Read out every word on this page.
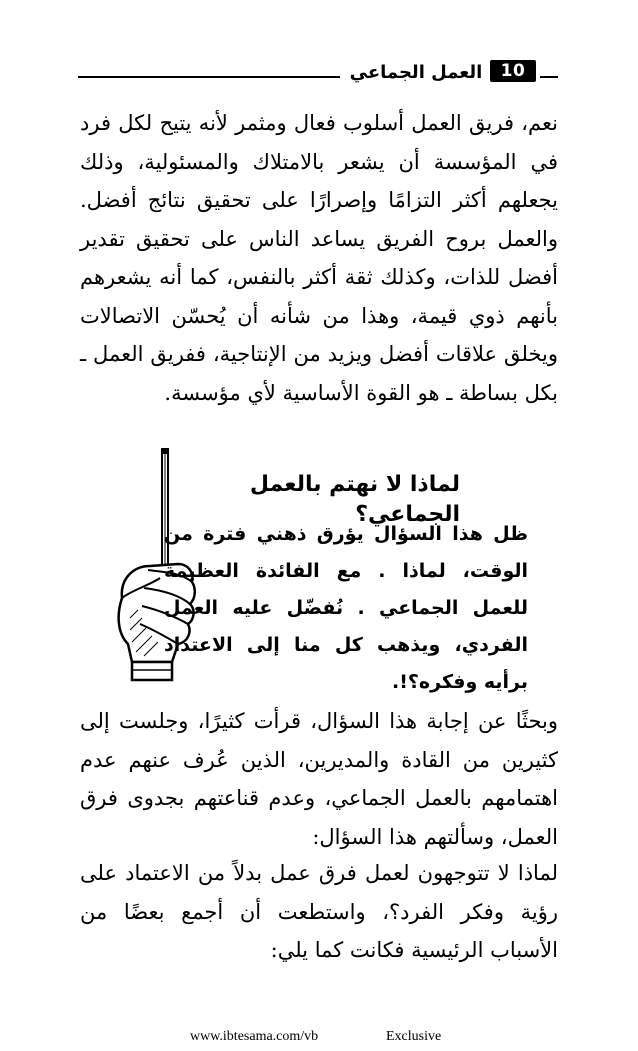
العمل الجماعي	10

نعم، فريق العمل أسلوب فعال ومثمر لأنه يتيح لكل فرد في المؤسسة أن يشعر بالامتلاك والمسئولية، وذلك يجعلهم أكثر التزامًا وإصرارًا على تحقيق نتائج أفضل. والعمل بروح الفريق يساعد الناس على تحقيق تقدير أفضل للذات، وكذلك ثقة أكثر بالنفس، كما أنه يشعرهم بأنهم ذوي قيمة، وهذا من شأنه أن يُحسّن الاتصالات ويخلق علاقات أفضل ويزيد من الإنتاجية، ففريق العمل ـ بكل بساطة ـ هو القوة الأساسية لأي مؤسسة.

لماذا لا نهتم بالعمل الجماعي؟

ظل هذا السؤال يؤرق ذهني فترة من الوقت، لماذا . مع الفائدة العظيمة للعمل الجماعي . نُفضّل عليه العمل الفردي، ويذهب كل منا إلى الاعتداد برأيه وفكره؟!.

وبحثًا عن إجابة هذا السؤال، قرأت كثيرًا، وجلست إلى كثيرين من القادة والمديرين، الذين عُرف عنهم عدم اهتمامهم بالعمل الجماعي، وعدم قناعتهم بجدوى فرق العمل، وسألتهم هذا السؤال:

لماذا لا تتوجهون لعمل فرق عمل بدلاً من الاعتماد على رؤية وفكر الفرد؟، واستطعت أن أجمع بعضًا من الأسباب الرئيسية فكانت كما يلي:

www.ibtesama.com/vb	Exclusive
